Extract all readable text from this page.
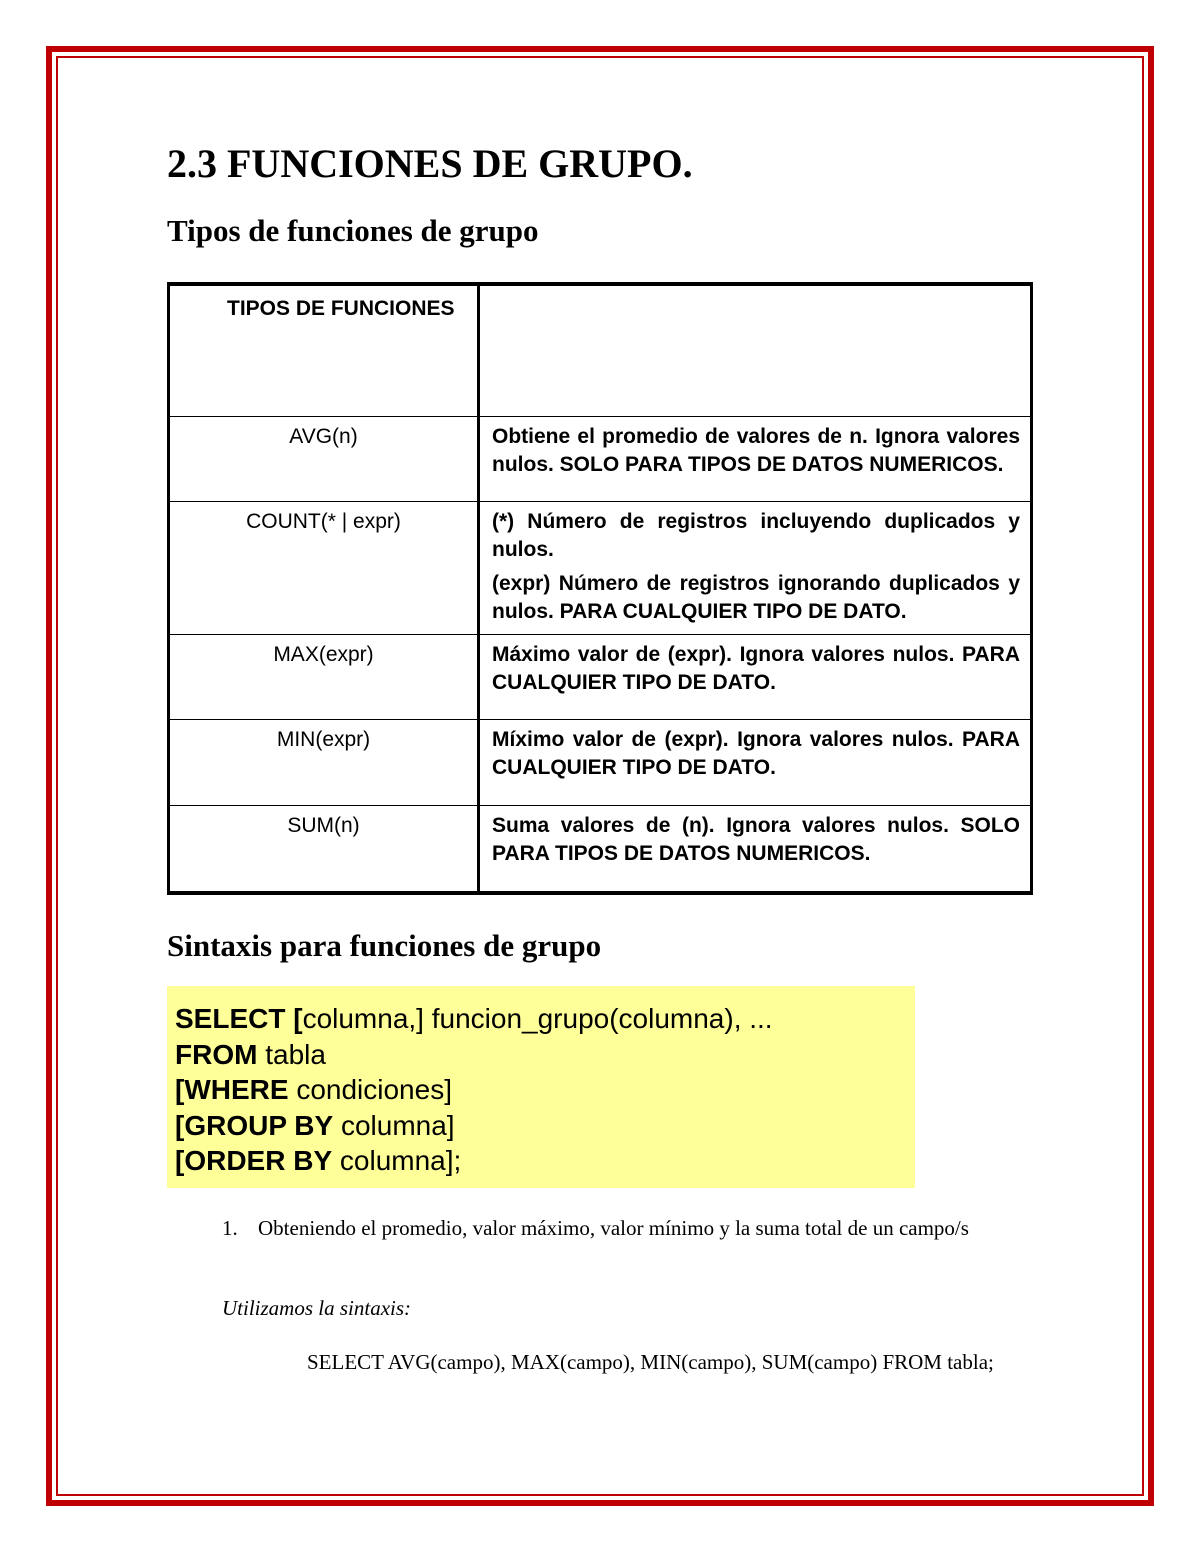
2.3 FUNCIONES DE GRUPO.
Tipos de funciones de grupo
TIPOS DE FUNCIONES	
AVG(n)	Obtiene el promedio de valores de n. Ignora valores nulos. SOLO PARA TIPOS DE DATOS NUMERICOS.

COUNT(* | expr)	(*) Número de registros incluyendo duplicados y nulos.

(expr) Número de registros ignorando duplicados y nulos. PARA CUALQUIER TIPO DE DATO.

MAX(expr)	Máximo valor de (expr). Ignora valores nulos. PARA CUALQUIER TIPO DE DATO.

MIN(expr)	Míximo valor de (expr). Ignora valores nulos. PARA CUALQUIER TIPO DE DATO.

SUM(n)	Suma valores de (n). Ignora valores nulos. SOLO PARA TIPOS DE DATOS NUMERICOS.

Sintaxis para funciones de grupo
SELECT [columna,] funcion_grupo(columna), ...
FROM tabla
[WHERE condiciones]
[GROUP BY columna]
[ORDER BY columna];
1. Obteniendo el promedio, valor máximo, valor mínimo y la suma total de un campo/s
Utilizamos la sintaxis:
SELECT AVG(campo), MAX(campo), MIN(campo), SUM(campo) FROM tabla;
